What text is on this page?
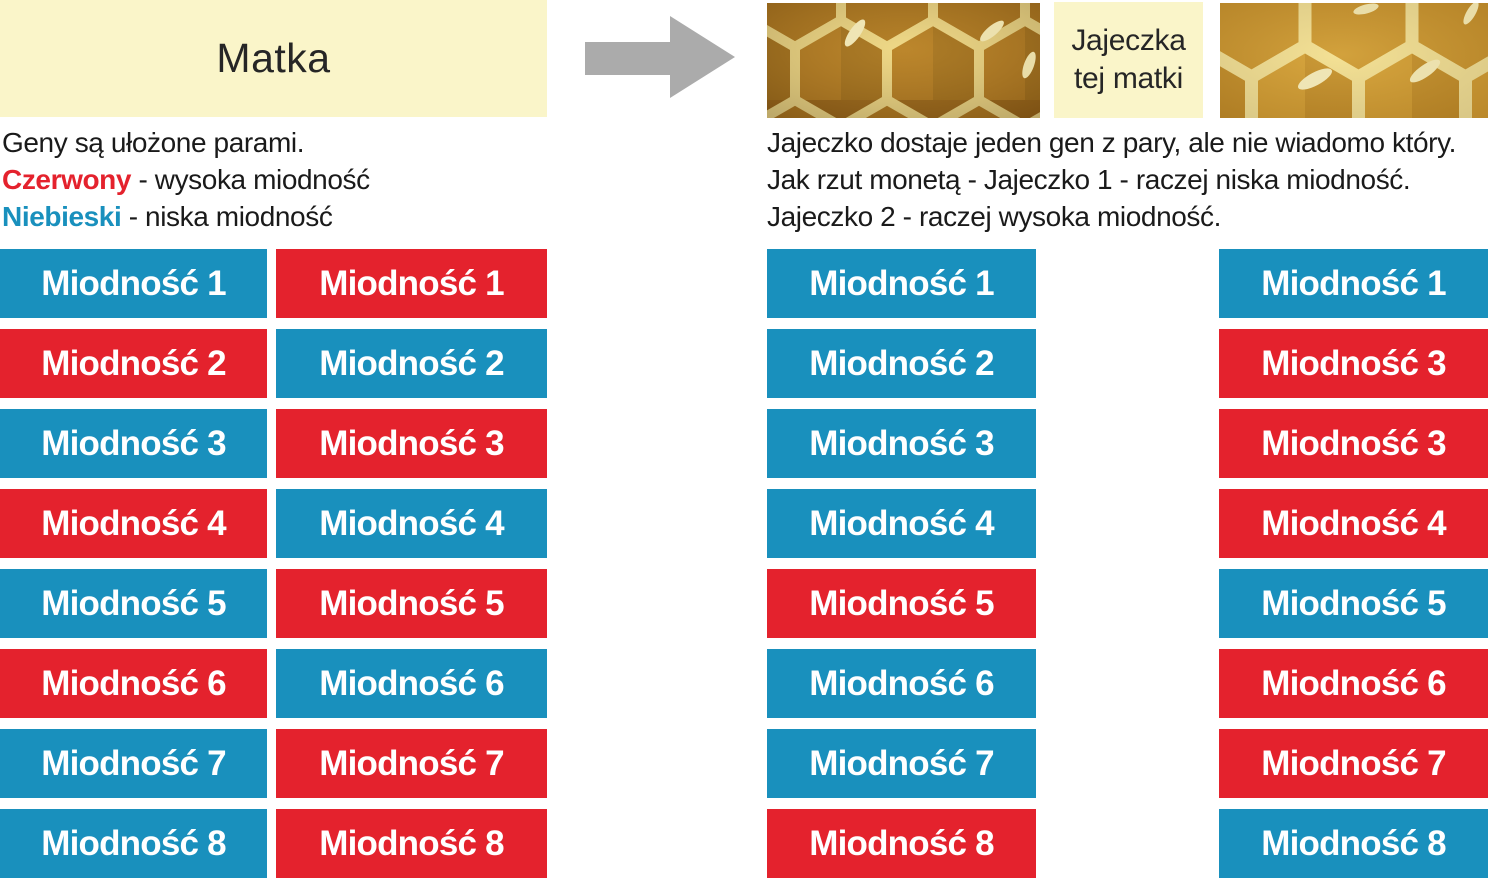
Matka	Jajeczka
tej matki
Geny są ułożone parami.
Czerwony - wysoka miodność
Niebieski - niska miodność
Jajeczko dostaje jeden gen z pary, ale nie wiadomo który. Jak rzut monetą - Jajeczko 1 - raczej niska miodność. Jajeczko 2 - raczej wysoka miodność.
Miodność 1
Miodność 2
Miodność 3
Miodność 4
Miodność 5
Miodność 6
Miodność 7
Miodność 8
Miodność 1
Miodność 2
Miodność 3
Miodność 4
Miodność 5
Miodność 6
Miodność 7
Miodność 8
Miodność 1
Miodność 2
Miodność 3
Miodność 4
Miodność 5
Miodność 6
Miodność 7
Miodność 8
Miodność 1
Miodność 3
Miodność 3
Miodność 4
Miodność 5
Miodność 6
Miodność 7
Miodność 8
